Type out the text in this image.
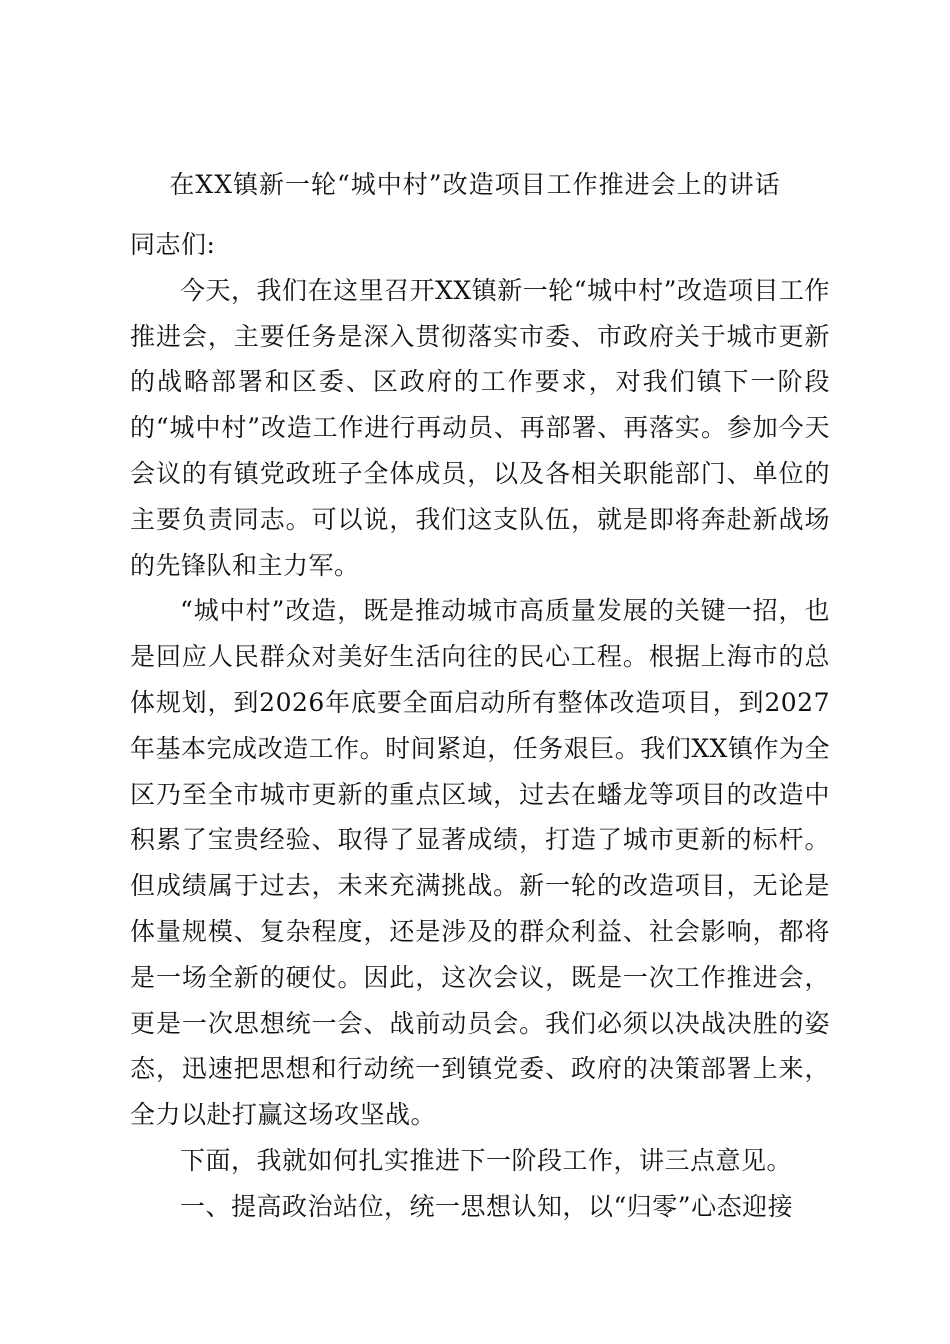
在XX镇新一轮“城中村”改造项目工作推进会上的讲话

同志们:

今天，我们在这里召开XX镇新一轮“城中村”改造项目工作推进会，主要任务是深入贯彻落实市委、市政府关于城市更新的战略部署和区委、区政府的工作要求，对我们镇下一阶段的“城中村”改造工作进行再动员、再部署、再落实。参加今天会议的有镇党政班子全体成员，以及各相关职能部门、单位的主要负责同志。可以说，我们这支队伍，就是即将奔赴新战场的先锋队和主力军。

“城中村”改造，既是推动城市高质量发展的关键一招，也是回应人民群众对美好生活向往的民心工程。根据上海市的总体规划，到2026年底要全面启动所有整体改造项目，到2027年基本完成改造工作。时间紧迫，任务艰巨。我们XX镇作为全区乃至全市城市更新的重点区域，过去在蟠龙等项目的改造中积累了宝贵经验、取得了显著成绩，打造了城市更新的标杆。但成绩属于过去，未来充满挑战。新一轮的改造项目，无论是体量规模、复杂程度，还是涉及的群众利益、社会影响，都将是一场全新的硬仗。因此，这次会议，既是一次工作推进会，更是一次思想统一会、战前动员会。我们必须以决战决胜的姿态，迅速把思想和行动统一到镇党委、政府的决策部署上来，全力以赴打赢这场攻坚战。

下面，我就如何扎实推进下一阶段工作，讲三点意见。

一、提高政治站位，统一思想认知，以“归零”心态迎接
